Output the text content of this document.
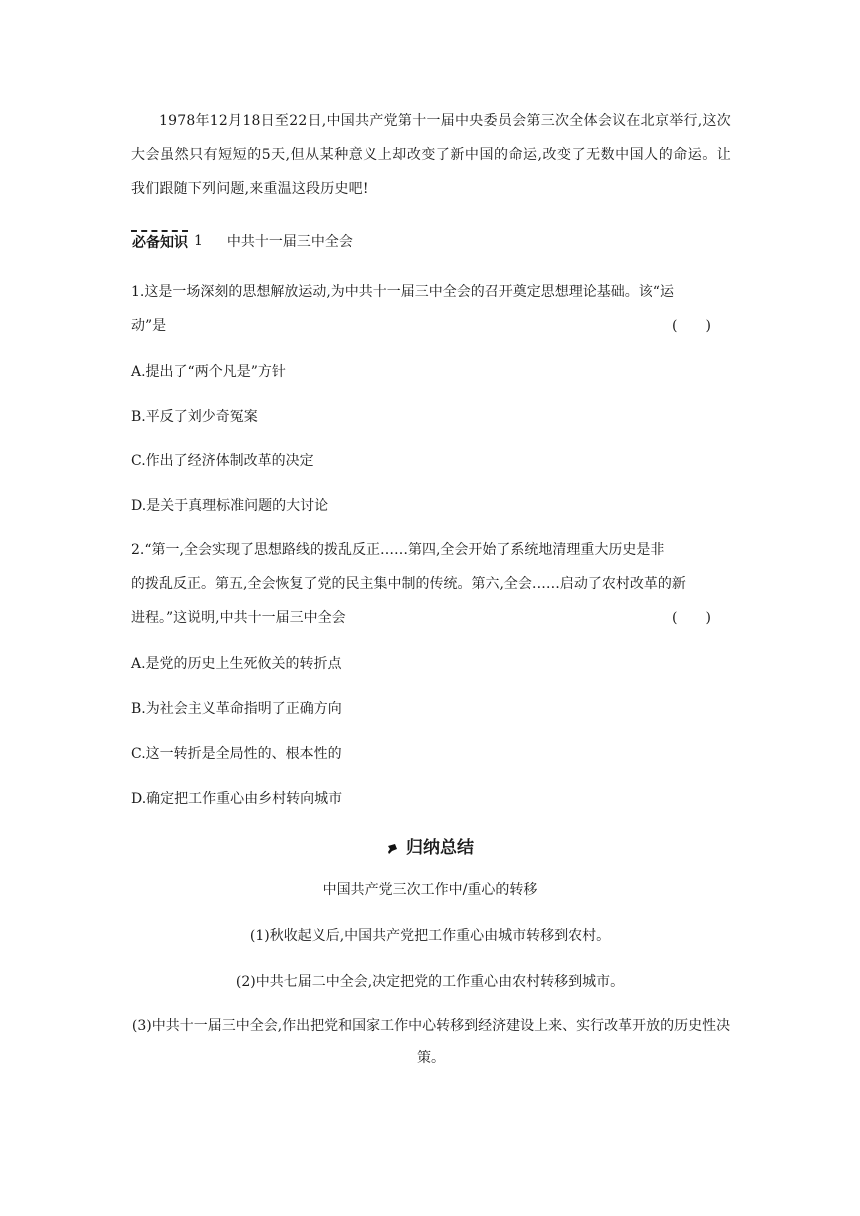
1978年12月18日至22日,中国共产党第十一届中央委员会第三次全体会议在北京举行,这次大会虽然只有短短的5天,但从某种意义上却改变了新中国的命运,改变了无数中国人的命运。让我们跟随下列问题,来重温这段历史吧!

必备知识 1 中共十一届三中全会

1.这是一场深刻的思想解放运动,为中共十一届三中全会的召开奠定思想理论基础。该“运

动”是	(　　)

A.提出了“两个凡是”方针

B.平反了刘少奇冤案

C.作出了经济体制改革的决定

D.是关于真理标准问题的大讨论

2.“第一,全会实现了思想路线的拨乱反正……第四,全会开始了系统地清理重大历史是非

的拨乱反正。第五,全会恢复了党的民主集中制的传统。第六,全会……启动了农村改革的新

进程。”这说明,中共十一届三中全会	(　　)

A.是党的历史上生死攸关的转折点

B.为社会主义革命指明了正确方向

C.这一转折是全局性的、根本性的

D.确定把工作重心由乡村转向城市

归纳总结
中国共产党三次工作中/重心的转移
(1)秋收起义后,中国共产党把工作重心由城市转移到农村。
(2)中共七届二中全会,决定把党的工作重心由农村转移到城市。

(3)中共十一届三中全会,作出把党和国家工作中心转移到经济建设上来、实行改革开放的历史性决策。
